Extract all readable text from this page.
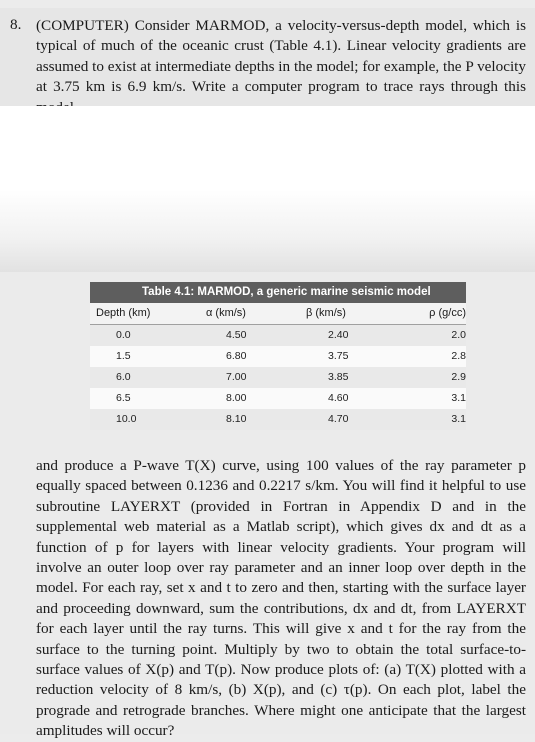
8. (COMPUTER) Consider MARMOD, a velocity-versus-depth model, which is typical of much of the oceanic crust (Table 4.1). Linear velocity gradients are assumed to exist at intermediate depths in the model; for example, the P velocity at 3.75 km is 6.9 km/s. Write a computer program to trace rays through this
Table 4.1: MARMOD, a generic marine seismic model
Depth (km)	α (km/s)	β (km/s)	ρ (g/cc)
0.0	4.50	2.40	2.0
1.5	6.80	3.75	2.8
6.0	7.00	3.85	2.9
6.5	8.00	4.60	3.1
10.0	8.10	4.70	3.1
and produce a P-wave T(X) curve, using 100 values of the ray parameter p equally spaced between 0.1236 and 0.2217 s/km. You will find it helpful to use subroutine LAYERXT (provided in Fortran in Appendix D and in the supplemental web material as a Matlab script), which gives dx and dt as a function of p for layers with linear velocity gradients. Your program will involve an outer loop over ray parameter and an inner loop over depth in the model. For each ray, set x and t to zero and then, starting with the surface layer and proceeding downward, sum the contributions, dx and dt, from LAYERXT for each layer until the ray turns. This will give x and t for the ray from the surface to the turning point. Multiply by two to obtain the total surface-to-surface values of X(p) and T(p). Now produce plots of: (a) T(X) plotted with a reduction velocity of 8 km/s, (b) X(p), and (c) τ(p). On each plot, label the prograde and retrograde branches. Where might one anticipate that the largest amplitudes will occur?
